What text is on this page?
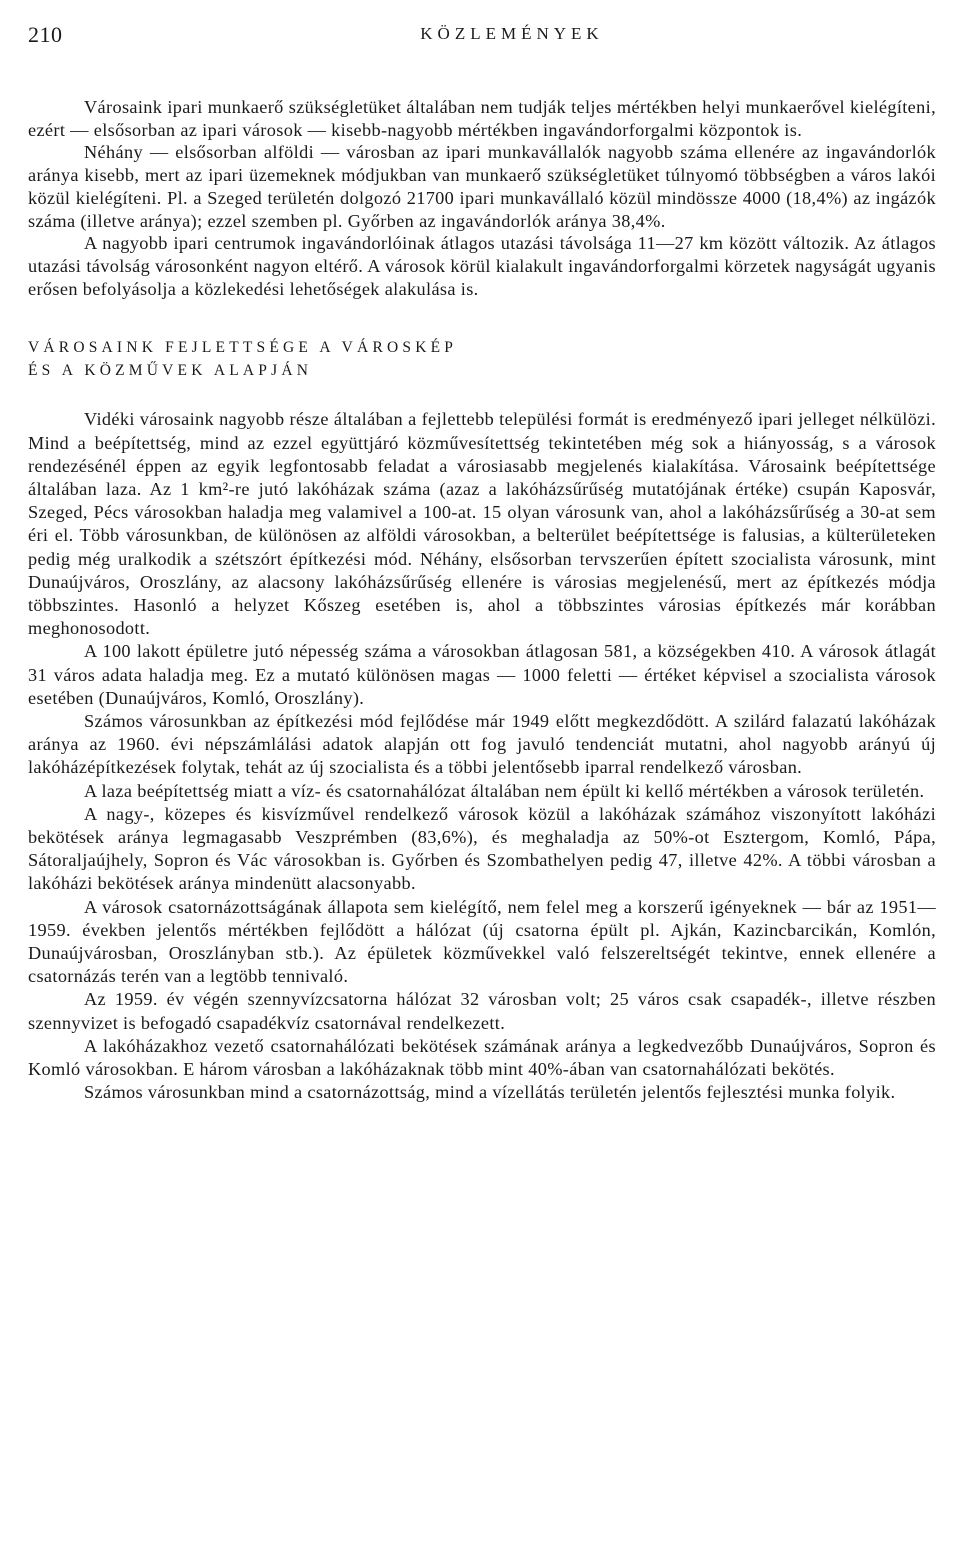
210	KÖZLEMÉNYEK

Városaink ipari munkaerő szükségletüket általában nem tudják teljes mértékben helyi munkaerővel kielégíteni, ezért — elsősorban az ipari városok — kisebb-nagyobb mértékben ingavándorforgalmi központok is.

Néhány — elsősorban alföldi — városban az ipari munkavállalók nagyobb száma ellenére az ingavándorlók aránya kisebb, mert az ipari üzemeknek módjukban van munkaerő szükségletüket túlnyomó többségben a város lakói közül kielégíteni. Pl. a Szeged területén dolgozó 21700 ipari munkavállaló közül mindössze 4000 (18,4%) az ingázók száma (illetve aránya); ezzel szemben pl. Győrben az ingavándorlók aránya 38,4%.

A nagyobb ipari centrumok ingavándorlóinak átlagos utazási távolsága 11—27 km között változik. Az átlagos utazási távolság városonként nagyon eltérő. A városok körül kialakult ingavándorforgalmi körzetek nagyságát ugyanis erősen befolyásolja a közlekedési lehetőségek alakulása is.

VÁROSAINK FEJLETTSÉGE A VÁROSKÉP
ÉS A KÖZMŰVEK ALAPJÁN

Vidéki városaink nagyobb része általában a fejlettebb települési formát is eredményező ipari jelleget nélkülözi. Mind a beépítettség, mind az ezzel együttjáró közművesítettség tekintetében még sok a hiányosság, s a városok rendezésénél éppen az egyik legfontosabb feladat a városiasabb megjelenés kialakítása. Városaink beépítettsége általában laza. Az 1 km²-re jutó lakóházak száma (azaz a lakóházsűrűség mutatójának értéke) csupán Kaposvár, Szeged, Pécs városokban haladja meg valamivel a 100-at. 15 olyan városunk van, ahol a lakóházsűrűség a 30-at sem éri el. Több városunkban, de különösen az alföldi városokban, a belterület beépítettsége is falusias, a külterületeken pedig még uralkodik a szétszórt építkezési mód. Néhány, elsősorban tervszerűen épített szocialista városunk, mint Dunaújváros, Oroszlány, az alacsony lakóházsűrűség ellenére is városias megjelenésű, mert az építkezés módja többszintes. Hasonló a helyzet Kőszeg esetében is, ahol a többszintes városias építkezés már korábban meghonosodott.

A 100 lakott épületre jutó népesség száma a városokban átlagosan 581, a községekben 410. A városok átlagát 31 város adata haladja meg. Ez a mutató különösen magas — 1000 feletti — értéket képvisel a szocialista városok esetében (Dunaújváros, Komló, Oroszlány).

Számos városunkban az építkezési mód fejlődése már 1949 előtt megkezdődött. A szilárd falazatú lakóházak aránya az 1960. évi népszámlálási adatok alapján ott fog javuló tendenciát mutatni, ahol nagyobb arányú új lakóházépítkezések folytak, tehát az új szocialista és a többi jelentősebb iparral rendelkező városban.

A laza beépítettség miatt a víz- és csatornahálózat általában nem épült ki kellő mértékben a városok területén.

A nagy-, közepes és kisvízművel rendelkező városok közül a lakóházak számához viszonyított lakóházi bekötések aránya legmagasabb Veszprémben (83,6%), és meghaladja az 50%-ot Esztergom, Komló, Pápa, Sátoraljaújhely, Sopron és Vác városokban is. Győrben és Szombathelyen pedig 47, illetve 42%. A többi városban a lakóházi bekötések aránya mindenütt alacsonyabb.

A városok csatornázottságának állapota sem kielégítő, nem felel meg a korszerű igényeknek — bár az 1951—1959. években jelentős mértékben fejlődött a hálózat (új csatorna épült pl. Ajkán, Kazincbarcikán, Komlón, Dunaújvárosban, Oroszlányban stb.). Az épületek közművekkel való felszereltségét tekintve, ennek ellenére a csatornázás terén van a legtöbb tennivaló.

Az 1959. év végén szennyvízcsatorna hálózat 32 városban volt; 25 város csak csapadék-, illetve részben szennyvizet is befogadó csapadékvíz csatornával rendelkezett.

A lakóházakhoz vezető csatornahálózati bekötések számának aránya a legkedvezőbb Dunaújváros, Sopron és Komló városokban. E három városban a lakóházaknak több mint 40%-ában van csatornahálózati bekötés.

Számos városunkban mind a csatornázottság, mind a vízellátás területén jelentős fejlesztési munka folyik.
